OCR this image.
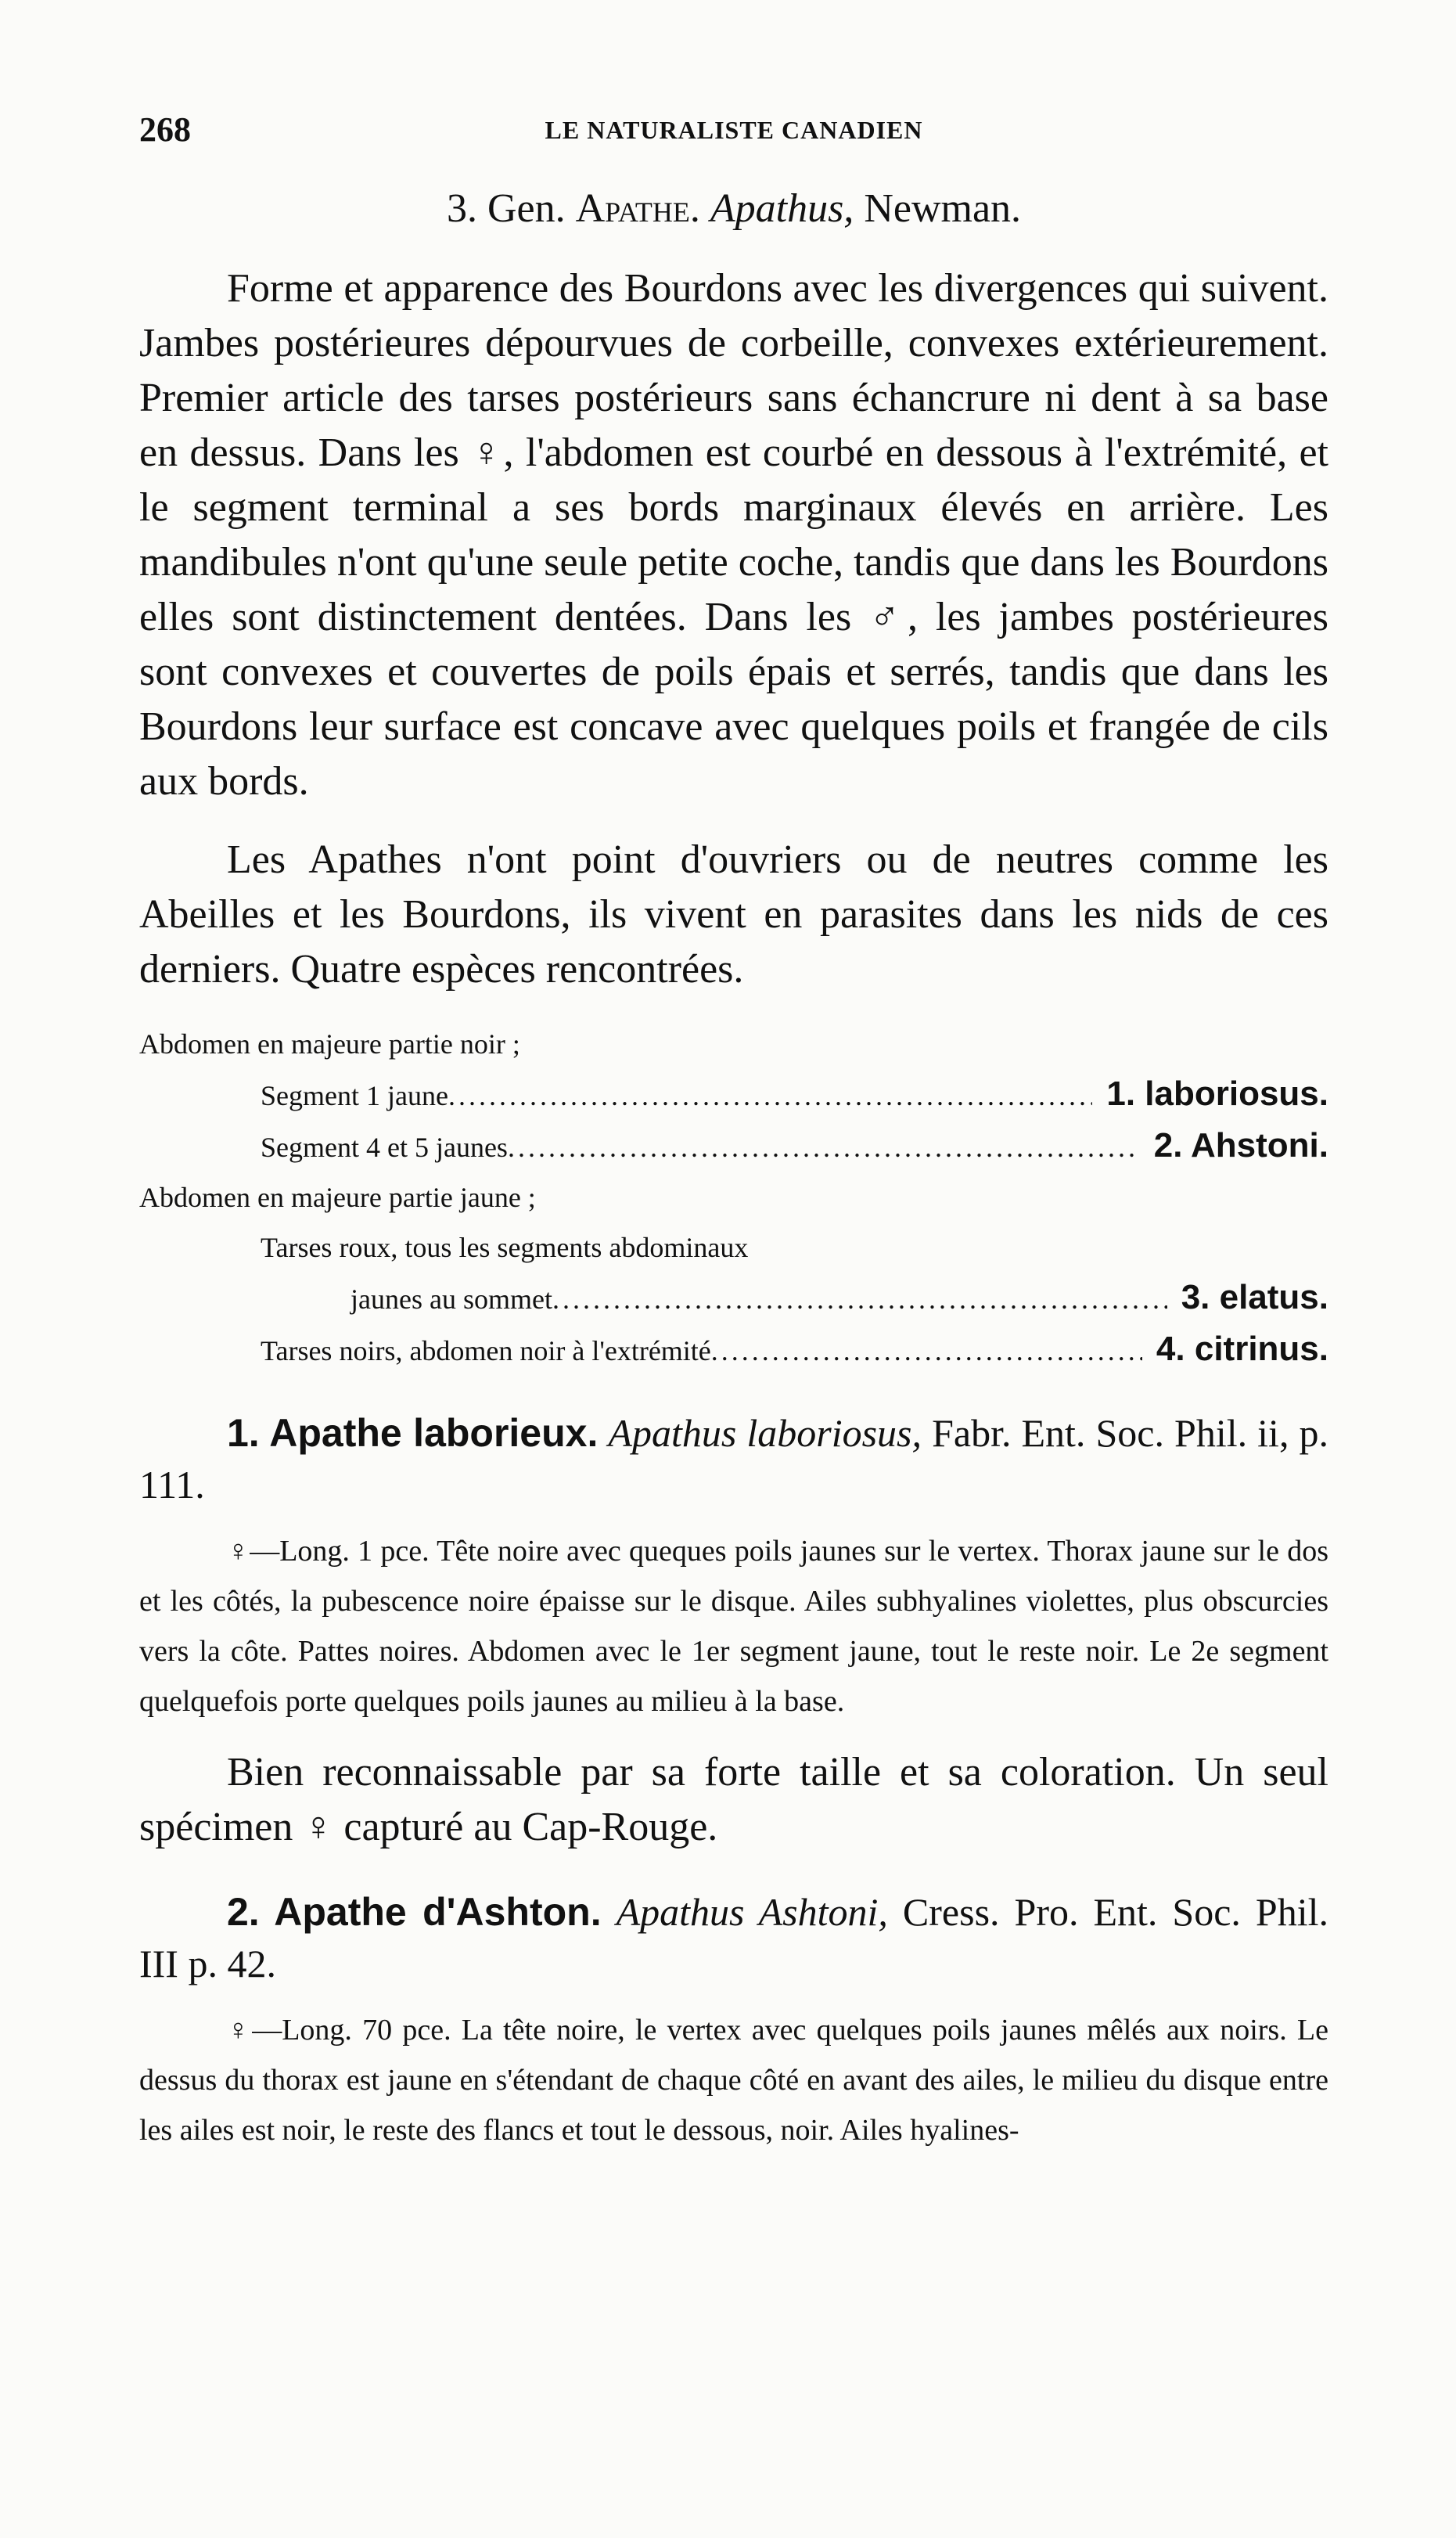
268	LE NATURALISTE CANADIEN
3. Gen. Apathe. Apathus, Newman.

Forme et apparence des Bourdons avec les divergences qui suivent. Jambes postérieures dépourvues de corbeille, convexes extérieurement. Premier article des tarses postérieurs sans échancrure ni dent à sa base en dessus. Dans les ♀, l'abdomen est courbé en dessous à l'extrémité, et le segment terminal a ses bords marginaux élevés en arrière. Les mandibules n'ont qu'une seule petite coche, tandis que dans les Bourdons elles sont distinctement dentées. Dans les ♂, les jambes postérieures sont convexes et couvertes de poils épais et serrés, tandis que dans les Bourdons leur surface est concave avec quelques poils et frangée de cils aux bords.

Les Apathes n'ont point d'ouvriers ou de neutres comme les Abeilles et les Bourdons, ils vivent en parasites dans les nids de ces derniers. Quatre espèces rencontrées.

Abdomen en majeure partie noir ;
Segment 1 jaune .....	1. laboriosus.
Segment 4 et 5 jaunes .....	2. Ahstoni.
Abdomen en majeure partie jaune ;
Tarses roux, tous les segments abdominaux
jaunes au sommet .....	3. elatus.
Tarses noirs, abdomen noir à l'extrémité .....	4. citrinus.

1. Apathe laborieux. Apathus laboriosus, Fabr. Ent. Soc. Phil. ii, p. 111.

♀—Long. 1 pce. Tête noire avec queques poils jaunes sur le vertex. Thorax jaune sur le dos et les côtés, la pubescence noire épaisse sur le disque. Ailes subhyalines violettes, plus obscurcies vers la côte. Pattes noires. Abdomen avec le 1er segment jaune, tout le reste noir. Le 2e segment quelquefois porte quelques poils jaunes au milieu à la base.

Bien reconnaissable par sa forte taille et sa coloration. Un seul spécimen ♀ capturé au Cap-Rouge.

2. Apathe d'Ashton. Apathus Ashtoni, Cress. Pro. Ent. Soc. Phil. III p. 42.

♀—Long. 70 pce. La tête noire, le vertex avec quelques poils jaunes mêlés aux noirs. Le dessus du thorax est jaune en s'étendant de chaque côté en avant des ailes, le milieu du disque entre les ailes est noir, le reste des flancs et tout le dessous, noir. Ailes hyalines-
